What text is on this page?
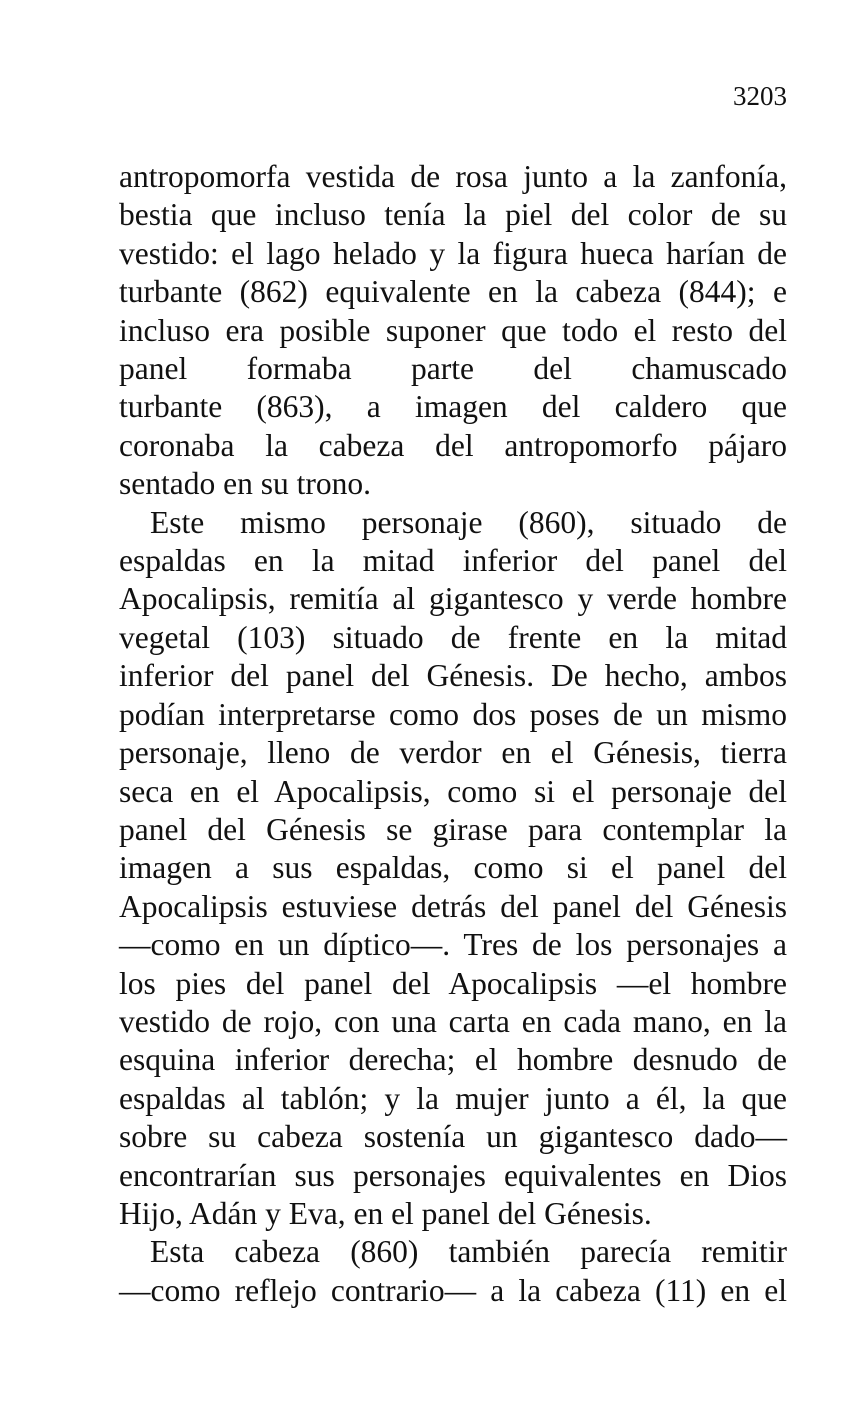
3203

antropomorfa vestida de rosa junto a la zanfonía,

bestia que incluso tenía la piel del color de su

vestido: el lago helado y la figura hueca harían de

turbante (862) equivalente en la cabeza (844); e

incluso era posible suponer que todo el resto del

panel formaba parte del chamuscado

turbante (863), a imagen del caldero que

coronaba la cabeza del antropomorfo pájaro

sentado en su trono.

Este mismo personaje (860), situado de

espaldas en la mitad inferior del panel del

Apocalipsis, remitía al gigantesco y verde hombre

vegetal (103) situado de frente en la mitad

inferior del panel del Génesis. De hecho, ambos

podían interpretarse como dos poses de un mismo

personaje, lleno de verdor en el Génesis, tierra

seca en el Apocalipsis, como si el personaje del

panel del Génesis se girase para contemplar la

imagen a sus espaldas, como si el panel del

Apocalipsis estuviese detrás del panel del Génesis

—como en un díptico—. Tres de los personajes a

los pies del panel del Apocalipsis —el hombre

vestido de rojo, con una carta en cada mano, en la

esquina inferior derecha; el hombre desnudo de

espaldas al tablón; y la mujer junto a él, la que

sobre su cabeza sostenía un gigantesco dado—

encontrarían sus personajes equivalentes en Dios

Hijo, Adán y Eva, en el panel del Génesis.

Esta cabeza (860) también parecía remitir

—como reflejo contrario— a la cabeza (11) en el
